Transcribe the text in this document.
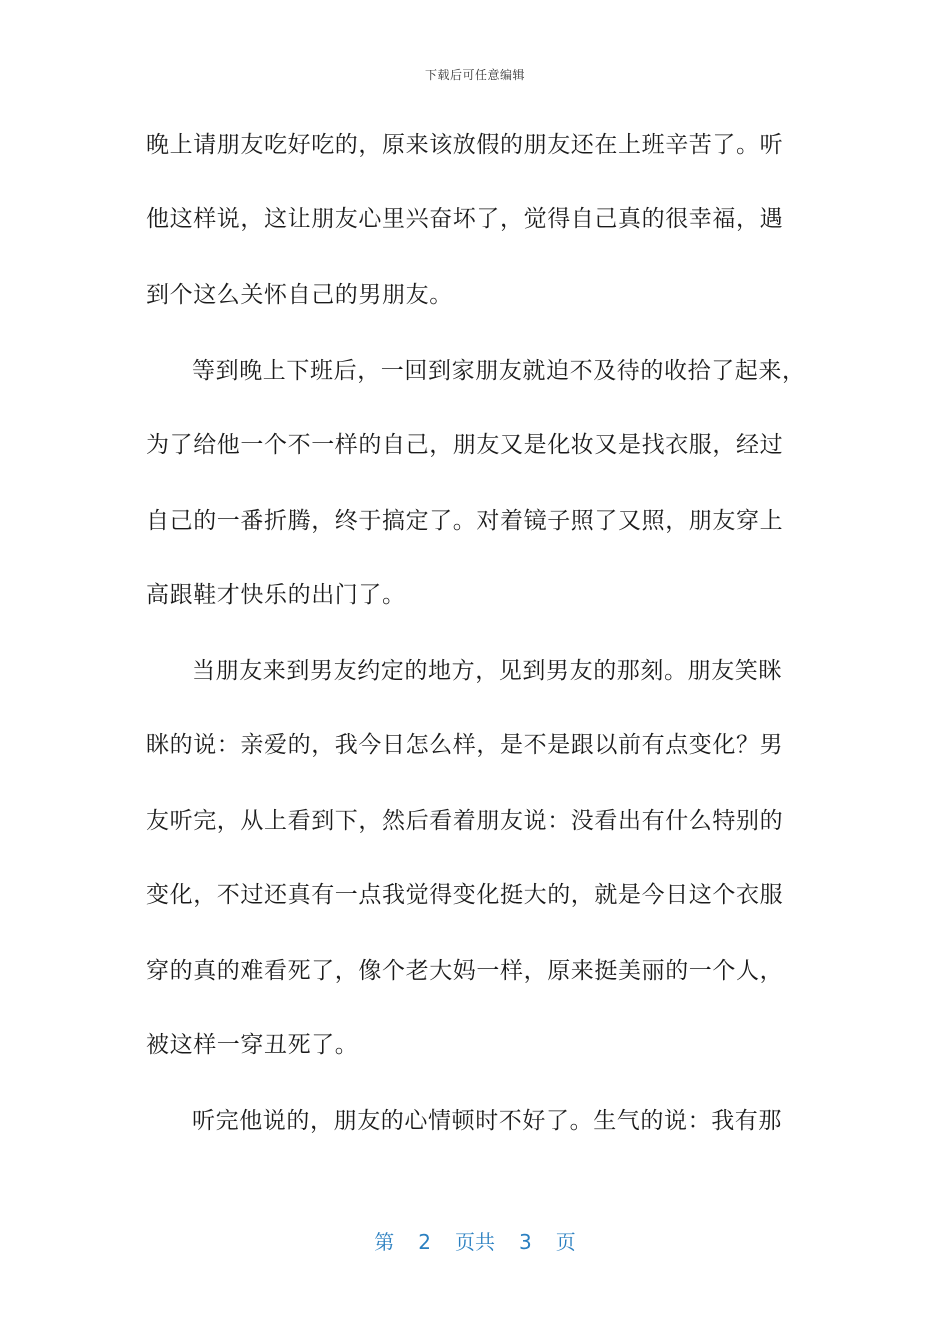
下载后可任意编辑
晚上请朋友吃好吃的，原来该放假的朋友还在上班辛苦了。听
他这样说，这让朋友心里兴奋坏了，觉得自己真的很幸福，遇
到个这么关怀自己的男朋友。
等到晚上下班后，一回到家朋友就迫不及待的收拾了起来，
为了给他一个不一样的自己，朋友又是化妆又是找衣服，经过
自己的一番折腾，终于搞定了。对着镜子照了又照，朋友穿上
高跟鞋才快乐的出门了。
当朋友来到男友约定的地方，见到男友的那刻。朋友笑眯
眯的说：亲爱的，我今日怎么样，是不是跟以前有点变化？男
友听完，从上看到下，然后看着朋友说：没看出有什么特别的
变化，不过还真有一点我觉得变化挺大的，就是今日这个衣服
穿的真的难看死了，像个老大妈一样，原来挺美丽的一个人，
被这样一穿丑死了。
听完他说的，朋友的心情顿时不好了。生气的说：我有那
第 2 页共 3 页
